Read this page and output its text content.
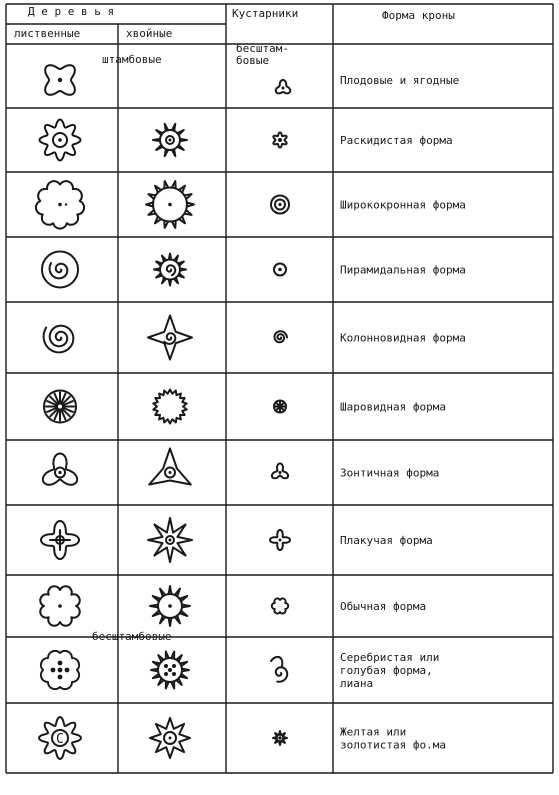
Д е р е в ь я
лиственные	хвойные
Кустарники	Форма кроны
штамбовые
бесштамбовые
бесштам-бовые
Плодовые и ягодные
Раскидистая форма
Ширококронная форма
Пирамидальная форма
Колонновидная форма
Шаровидная форма
Зонтичная форма
Плакучая форма
Обычная форма
Серебристая или голубая форма, лиана
С	Желтая или золотистая фо.ма
